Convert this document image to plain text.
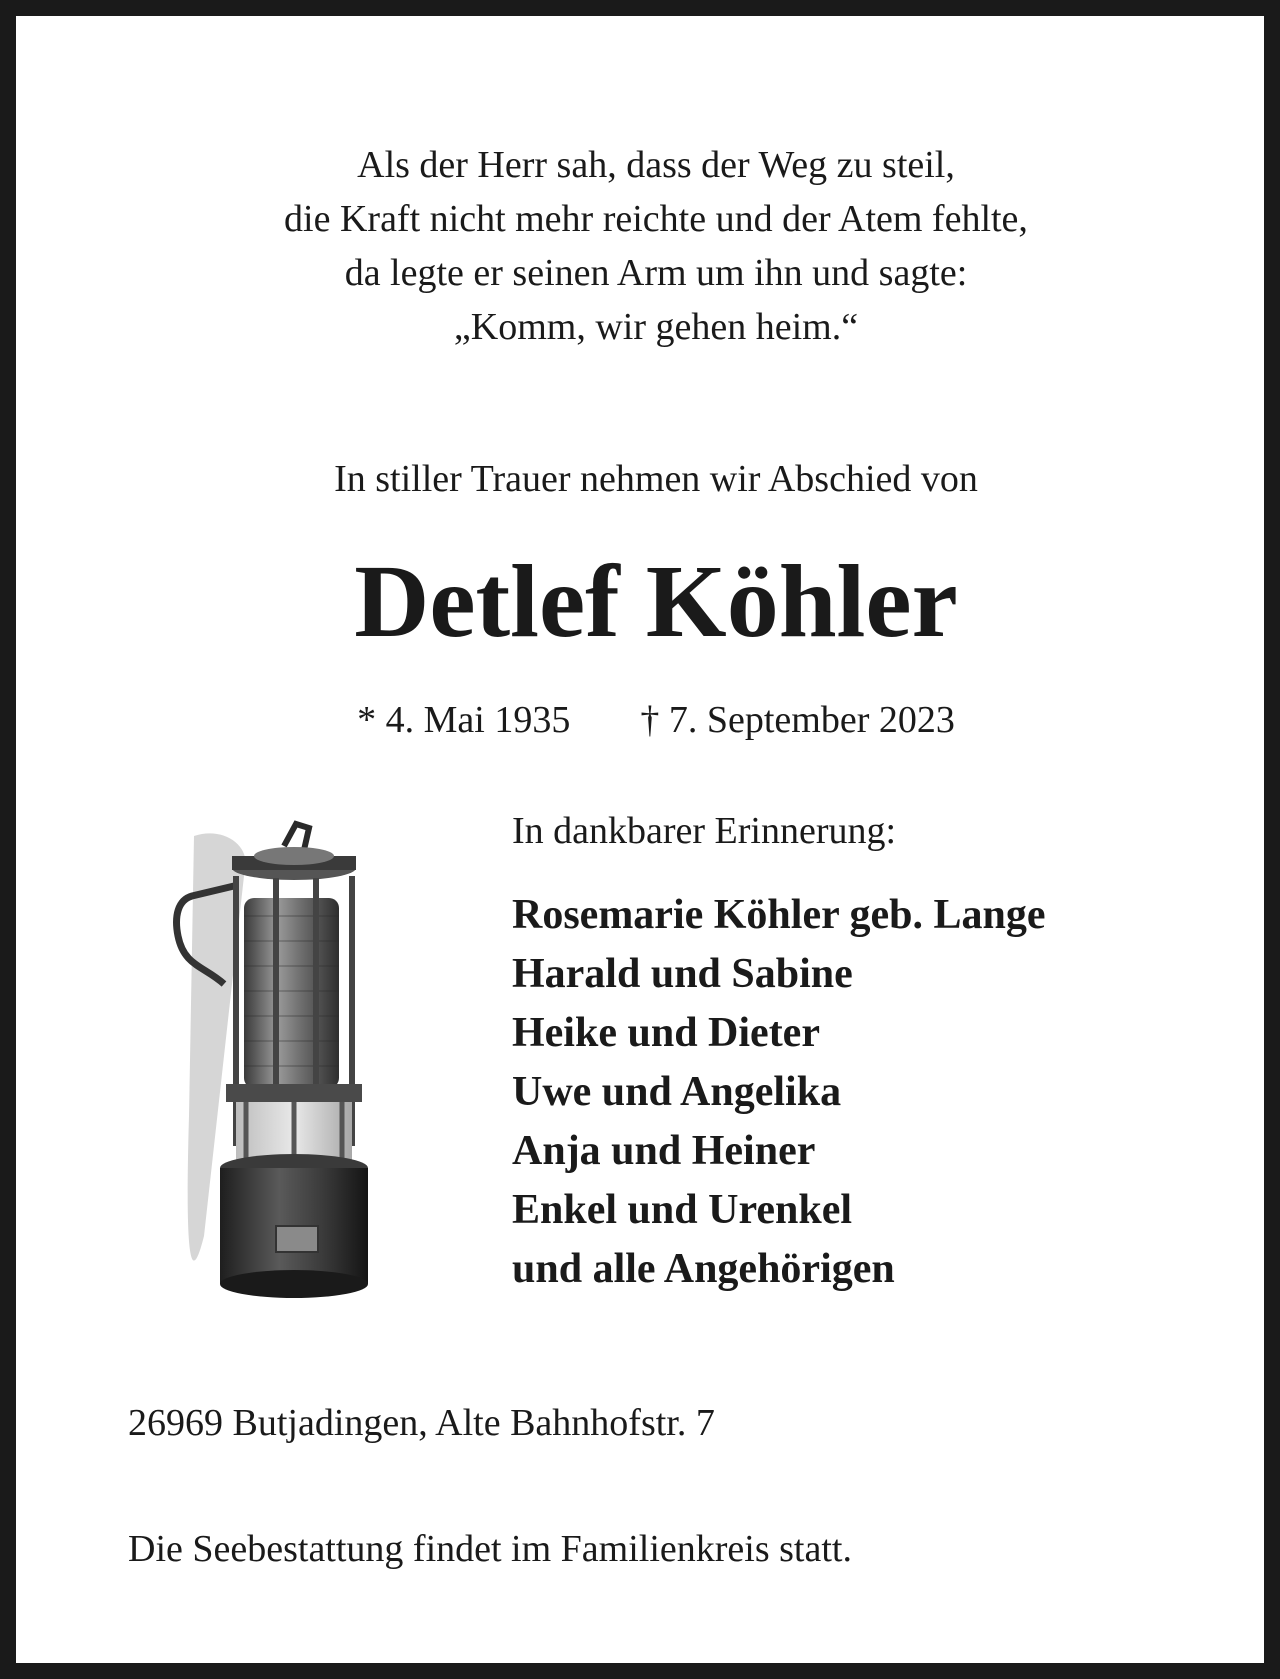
Als der Herr sah, dass der Weg zu steil,
die Kraft nicht mehr reichte und der Atem fehlte,
da legte er seinen Arm um ihn und sagte:
„Komm, wir gehen heim.“
In stiller Trauer nehmen wir Abschied von
Detlef Köhler
* 4. Mai 1935 † 7. September 2023
In dankbarer Erinnerung:
Rosemarie Köhler geb. Lange
Harald und Sabine
Heike und Dieter
Uwe und Angelika
Anja und Heiner
Enkel und Urenkel
und alle Angehörigen
26969 Butjadingen, Alte Bahnhofstr. 7
Die Seebestattung findet im Familienkreis statt.
